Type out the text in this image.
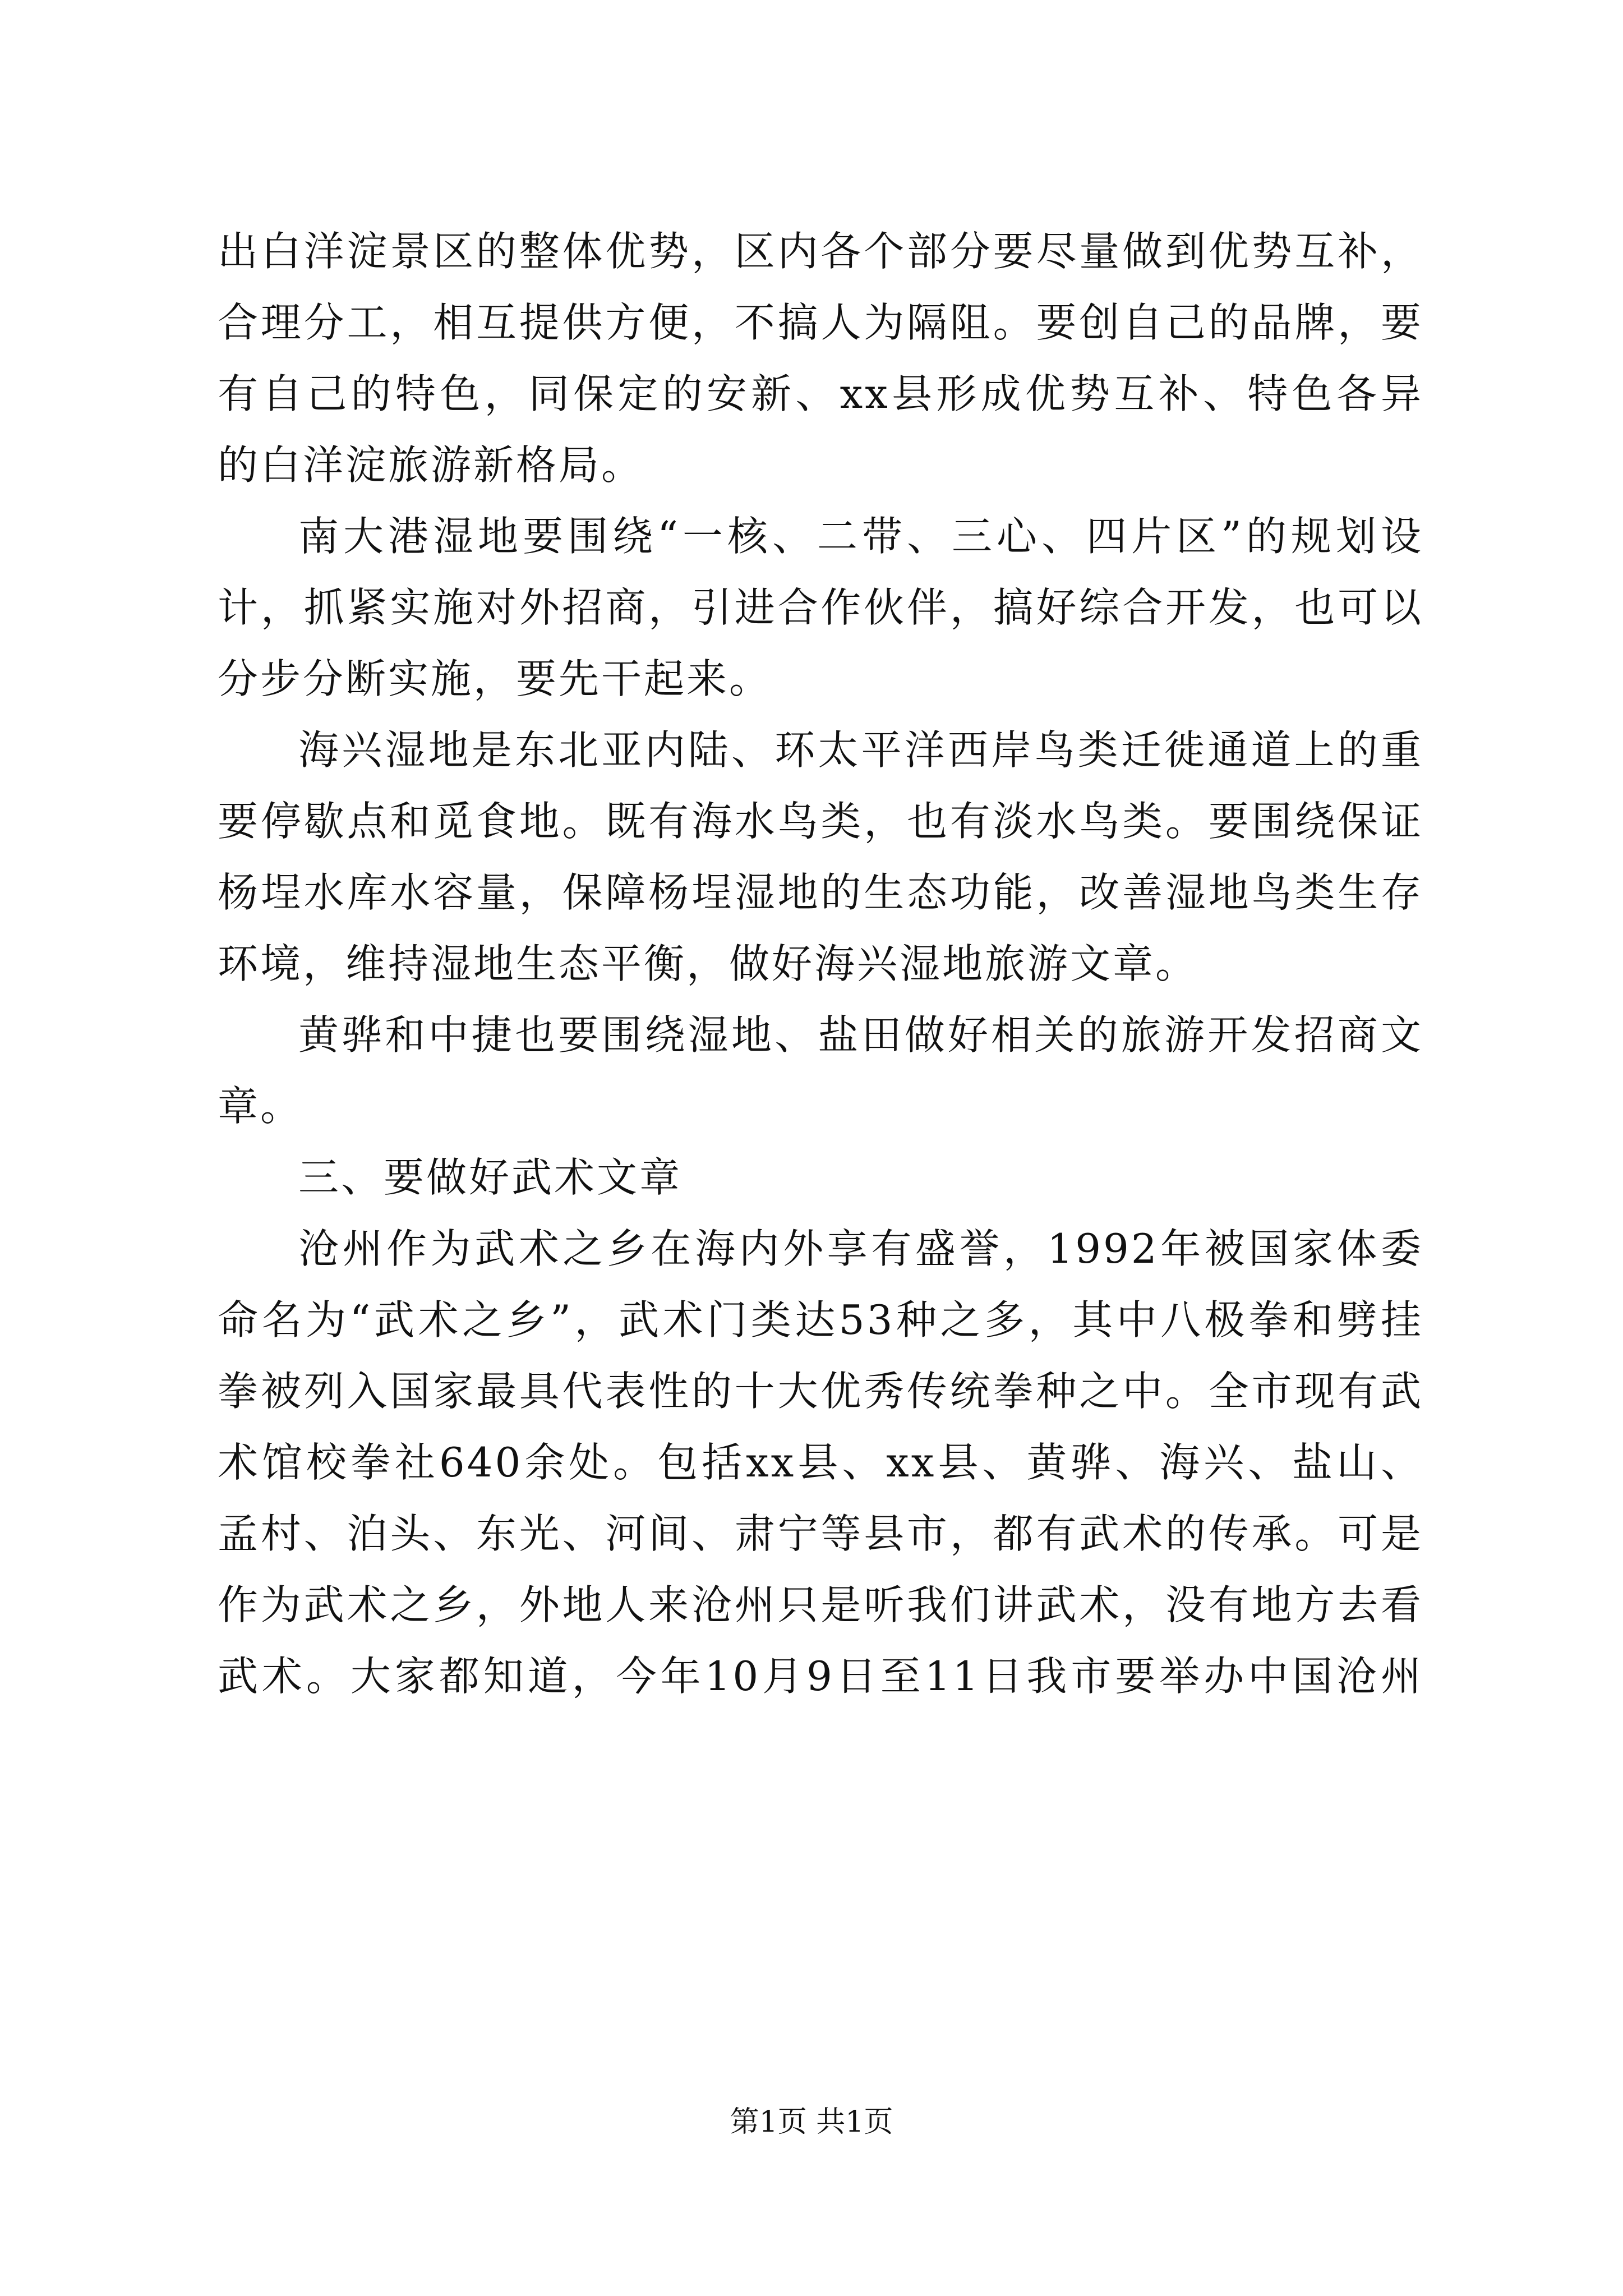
出白洋淀景区的整体优势，区内各个部分要尽量做到优势互补，
合理分工，相互提供方便，不搞人为隔阻。要创自己的品牌，要
有自己的特色，同保定的安新、xx县形成优势互补、特色各异
的白洋淀旅游新格局。
南大港湿地要围绕“一核、二带、三心、四片区”的规划设
计，抓紧实施对外招商，引进合作伙伴，搞好综合开发，也可以
分步分断实施，要先干起来。
海兴湿地是东北亚内陆、环太平洋西岸鸟类迁徙通道上的重
要停歇点和觅食地。既有海水鸟类，也有淡水鸟类。要围绕保证
杨埕水库水容量，保障杨埕湿地的生态功能，改善湿地鸟类生存
环境，维持湿地生态平衡，做好海兴湿地旅游文章。
黄骅和中捷也要围绕湿地、盐田做好相关的旅游开发招商文
章。
三、要做好武术文章
沧州作为武术之乡在海内外享有盛誉，1992年被国家体委
命名为“武术之乡”，武术门类达53种之多，其中八极拳和劈挂
拳被列入国家最具代表性的十大优秀传统拳种之中。全市现有武
术馆校拳社640余处。包括xx县、xx县、黄骅、海兴、盐山、
孟村、泊头、东光、河间、肃宁等县市，都有武术的传承。可是
作为武术之乡，外地人来沧州只是听我们讲武术，没有地方去看
武术。大家都知道，今年10月9日至11日我市要举办中国沧州
第1页 共1页
